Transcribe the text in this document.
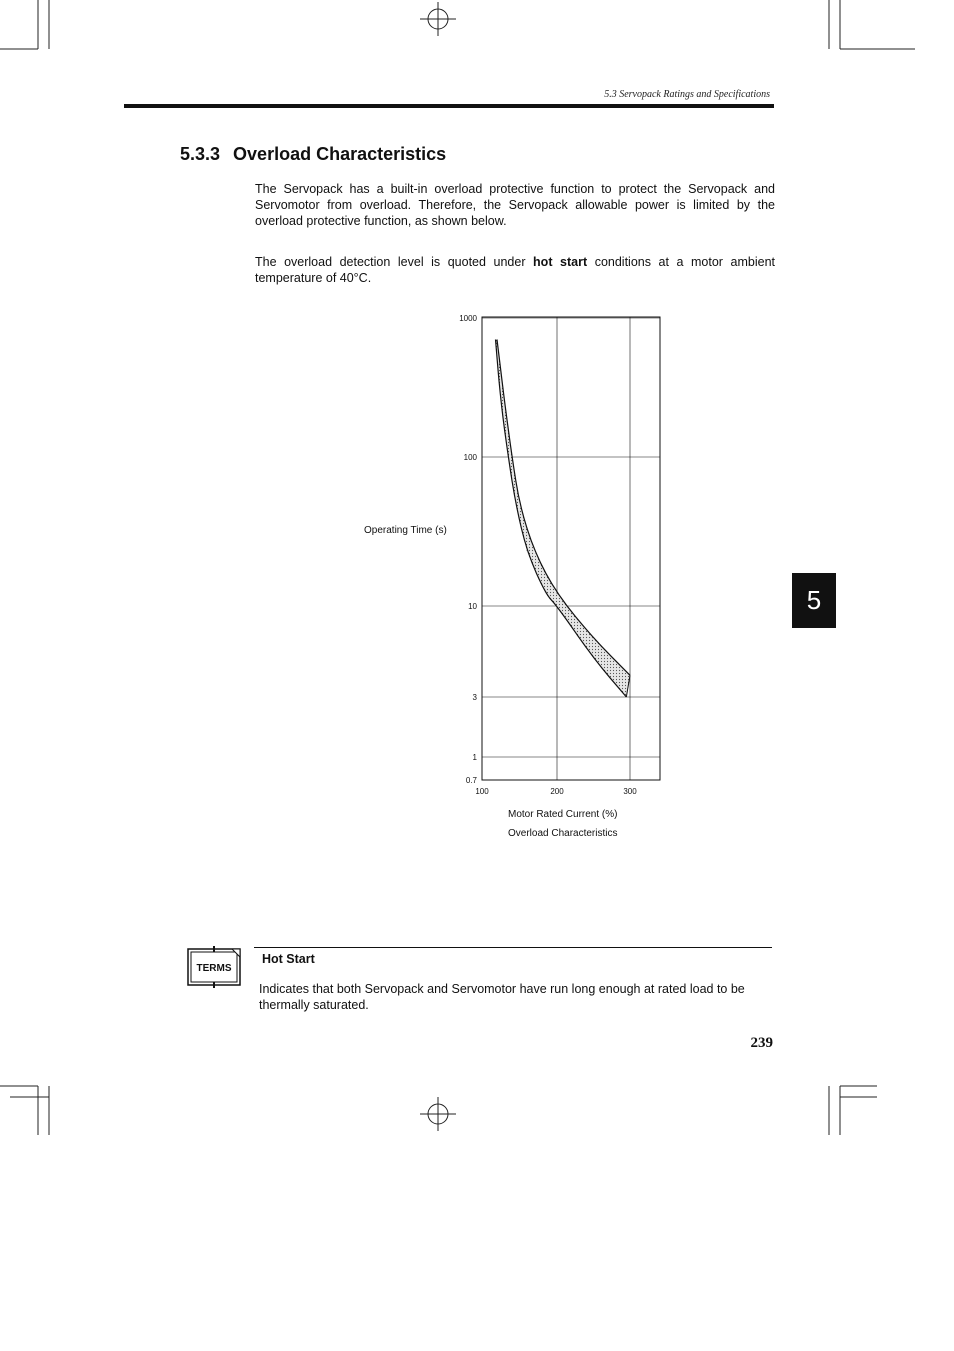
5.3 Servopack Ratings and Specifications
5.3.3 Overload Characteristics
The Servopack has a built-in overload protective function to protect the Servopack and Servomotor from overload. Therefore, the Servopack allowable power is limited by the overload protective function, as shown below.
The overload detection level is quoted under hot start conditions at a motor ambient temperature of 40°C.
1000
100
10
3
1
0.7
100	200	300
Operating Time (s)
Motor Rated Current (%)
Overload Characteristics
5
TERMS
Hot Start
Indicates that both Servopack and Servomotor have run long enough at rated load to be thermally saturated.
239
